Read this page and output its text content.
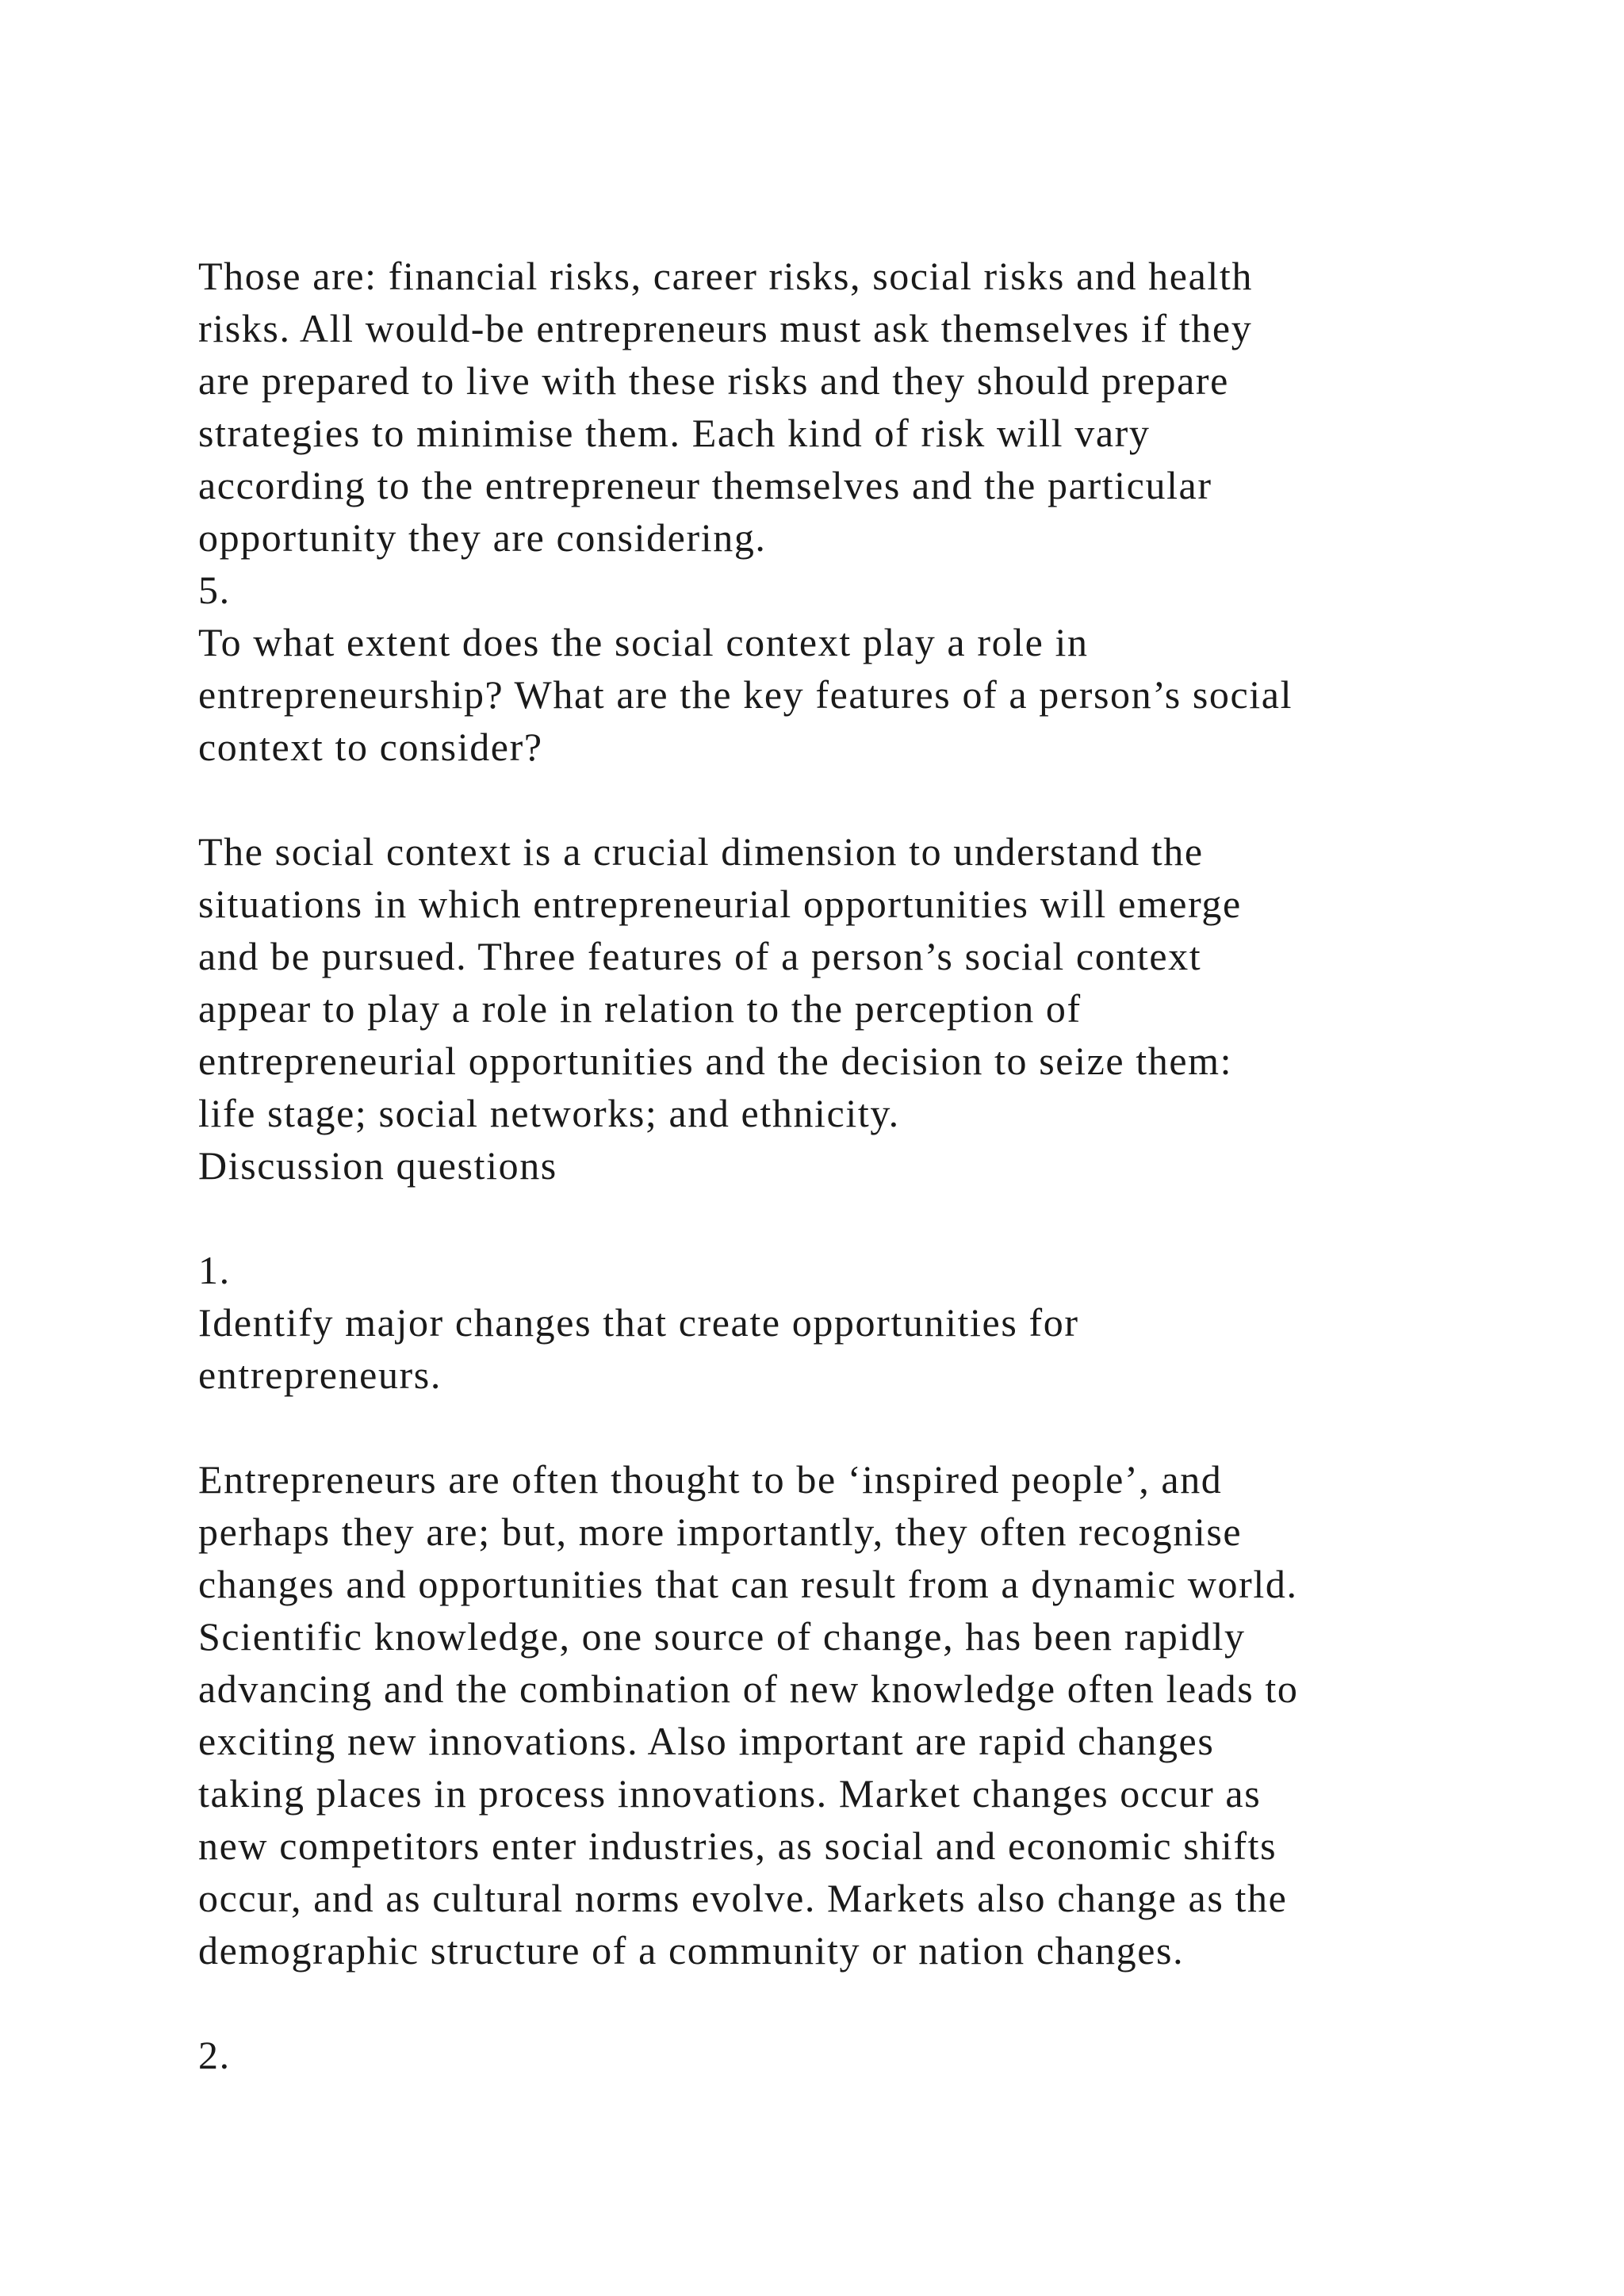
Those are: financial risks, career risks, social risks and health
risks. All would-be entrepreneurs must ask themselves if they
are prepared to live with these risks and they should prepare
strategies to minimise them. Each kind of risk will vary
according to the entrepreneur themselves and the particular
opportunity they are considering.
5.
To what extent does the social context play a role in
entrepreneurship? What are the key features of a person’s social
context to consider?
The social context is a crucial dimension to understand the
situations in which entrepreneurial opportunities will emerge
and be pursued. Three features of a person’s social context
appear to play a role in relation to the perception of
entrepreneurial opportunities and the decision to seize them:
life stage; social networks; and ethnicity.
Discussion questions
1.
Identify major changes that create opportunities for
entrepreneurs.
Entrepreneurs are often thought to be ‘inspired people’, and
perhaps they are; but, more importantly, they often recognise
changes and opportunities that can result from a dynamic world.
Scientific knowledge, one source of change, has been rapidly
advancing and the combination of new knowledge often leads to
exciting new innovations. Also important are rapid changes
taking places in process innovations. Market changes occur as
new competitors enter industries, as social and economic shifts
occur, and as cultural norms evolve. Markets also change as the
demographic structure of a community or nation changes.
2.
